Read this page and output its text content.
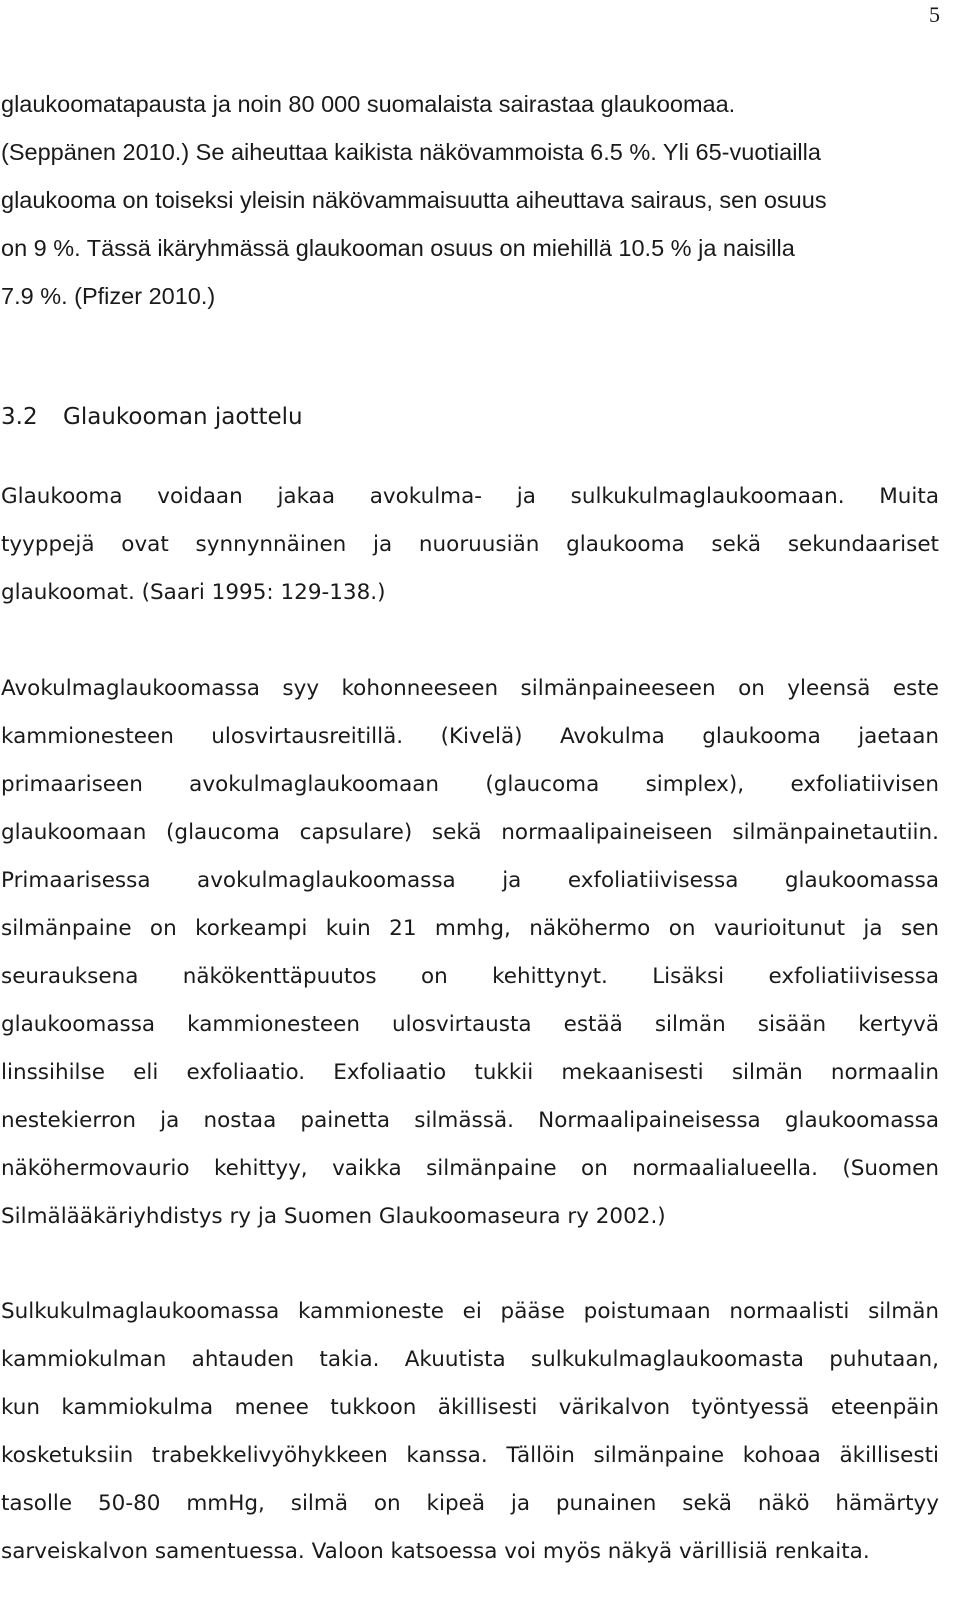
5
glaukoomatapausta ja noin 80 000 suomalaista sairastaa glaukoomaa.
(Seppänen 2010.) Se aiheuttaa kaikista näkövammoista 6.5 %. Yli 65-vuotiailla
glaukooma on toiseksi yleisin näkövammaisuutta aiheuttava sairaus, sen osuus
on 9 %. Tässä ikäryhmässä glaukooman osuus on miehillä 10.5 % ja naisilla
7.9 %. (Pfizer 2010.)
3.2 Glaukooman jaottelu
Glaukooma voidaan jakaa avokulma- ja sulkukulmaglaukoomaan. Muita
tyyppejä ovat synnynnäinen ja nuoruusiän glaukooma sekä sekundaariset
glaukoomat. (Saari 1995: 129-138.)
Avokulmaglaukoomassa syy kohonneeseen silmänpaineeseen on yleensä este
kammionesteen ulosvirtausreitillä. (Kivelä) Avokulma glaukooma jaetaan
primaariseen avokulmaglaukoomaan (glaucoma simplex), exfoliatiivisen
glaukoomaan (glaucoma capsulare) sekä normaalipaineiseen silmänpainetautiin.
Primaarisessa avokulmaglaukoomassa ja exfoliatiivisessa glaukoomassa
silmänpaine on korkeampi kuin 21 mmhg, näköhermo on vaurioitunut ja sen
seurauksena näkökenttäpuutos on kehittynyt. Lisäksi exfoliatiivisessa
glaukoomassa kammionesteen ulosvirtausta estää silmän sisään kertyvä
linssihilse eli exfoliaatio. Exfoliaatio tukkii mekaanisesti silmän normaalin
nestekierron ja nostaa painetta silmässä. Normaalipaineisessa glaukoomassa
näköhermovaurio kehittyy, vaikka silmänpaine on normaalialueella. (Suomen
Silmälääkäriyhdistys ry ja Suomen Glaukoomaseura ry 2002.)
Sulkukulmaglaukoomassa kammioneste ei pääse poistumaan normaalisti silmän
kammiokulman ahtauden takia. Akuutista sulkukulmaglaukoomasta puhutaan,
kun kammiokulma menee tukkoon äkillisesti värikalvon työntyessä eteenpäin
kosketuksiin trabekkelivyöhykkeen kanssa. Tällöin silmänpaine kohoaa äkillisesti
tasolle 50-80 mmHg, silmä on kipeä ja punainen sekä näkö hämärtyy
sarveiskalvon samentuessa. Valoon katsoessa voi myös näkyä värillisiä renkaita.
